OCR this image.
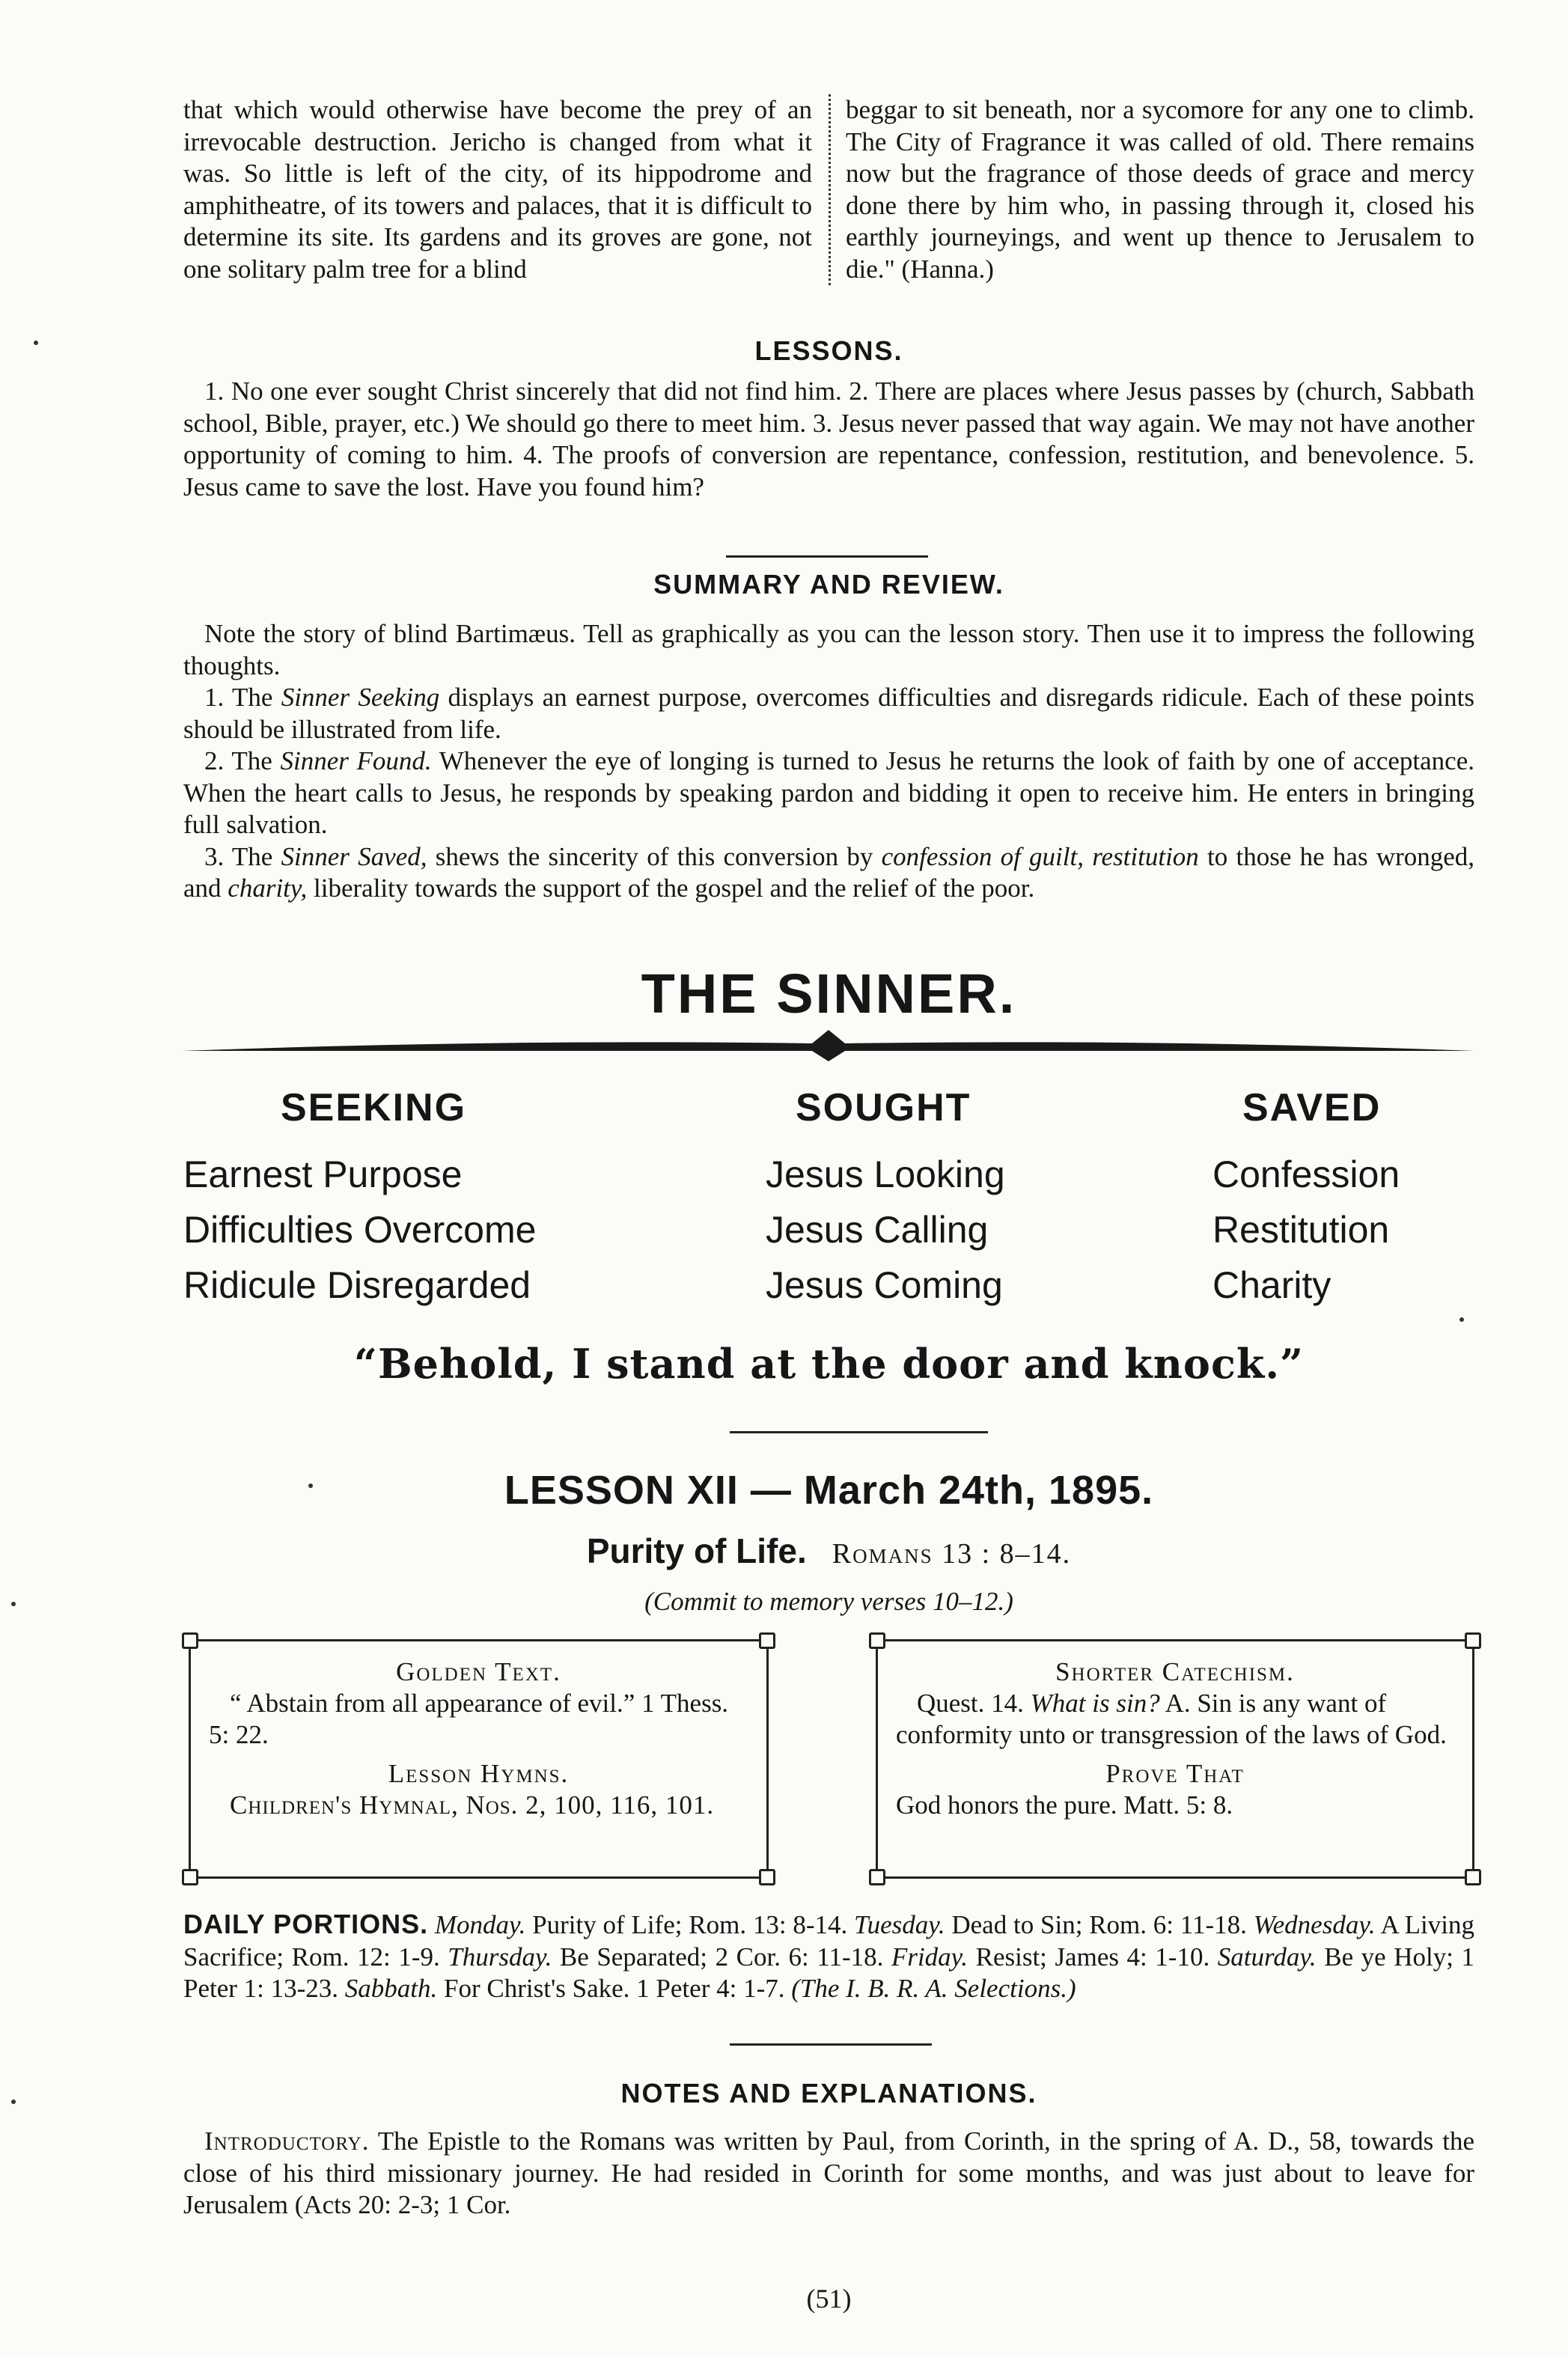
that which would otherwise have become the prey of an irrevocable destruction. Jericho is changed from what it was. So little is left of the city, of its hippodrome and amphitheatre, of its towers and palaces, that it is difficult to determine its site. Its gardens and its groves are gone, not one solitary palm tree for a blind
beggar to sit beneath, nor a sycomore for any one to climb. The City of Fragrance it was called of old. There remains now but the fragrance of those deeds of grace and mercy done there by him who, in passing through it, closed his earthly journeyings, and went up thence to Jerusalem to die." (Hanna.)
LESSONS.

1. No one ever sought Christ sincerely that did not find him. 2. There are places where Jesus passes by (church, Sabbath school, Bible, prayer, etc.) We should go there to meet him. 3. Jesus never passed that way again. We may not have another opportunity of coming to him. 4. The proofs of conversion are repentance, confession, restitution, and benevolence. 5. Jesus came to save the lost. Have you found him?

SUMMARY AND REVIEW.

Note the story of blind Bartimæus. Tell as graphically as you can the lesson story. Then use it to impress the following thoughts.

1. The Sinner Seeking displays an earnest purpose, overcomes difficulties and disregards ridicule. Each of these points should be illustrated from life.

2. The Sinner Found. Whenever the eye of longing is turned to Jesus he returns the look of faith by one of acceptance. When the heart calls to Jesus, he responds by speaking pardon and bidding it open to receive him. He enters in bringing full salvation.

3. The Sinner Saved, shews the sincerity of this conversion by confession of guilt, restitution to those he has wronged, and charity, liberality towards the support of the gospel and the relief of the poor.

THE SINNER.
SEEKING
Earnest Purpose
Difficulties Overcome
Ridicule Disregarded
SOUGHT
Jesus Looking
Jesus Calling
Jesus Coming
SAVED
Confession
Restitution
Charity
“Behold, I stand at the door and knock.”
LESSON XII — March 24th, 1895.
Purity of Life. Romans 13 : 8–14.
(Commit to memory verses 10–12.)
Golden Text.
“ Abstain from all appearance of evil.” 1 Thess. 5: 22.
Lesson Hymns.
Children's Hymnal, Nos. 2, 100, 116, 101.
Shorter Catechism.
Quest. 14. What is sin? A. Sin is any want of conformity unto or transgression of the laws of God.
Prove That
God honors the pure. Matt. 5: 8.
DAILY PORTIONS. Monday. Purity of Life; Rom. 13: 8-14. Tuesday. Dead to Sin; Rom. 6: 11-18. Wednesday. A Living Sacrifice; Rom. 12: 1-9. Thursday. Be Separated; 2 Cor. 6: 11-18. Friday. Resist; James 4: 1-10. Saturday. Be ye Holy; 1 Peter 1: 13-23. Sabbath. For Christ's Sake. 1 Peter 4: 1-7. (The I. B. R. A. Selections.)
NOTES AND EXPLANATIONS.
Introductory. The Epistle to the Romans was written by Paul, from Corinth, in the spring of A. D., 58, towards the close of his third missionary journey. He had resided in Corinth for some months, and was just about to leave for Jerusalem (Acts 20: 2-3; 1 Cor.
(51)
